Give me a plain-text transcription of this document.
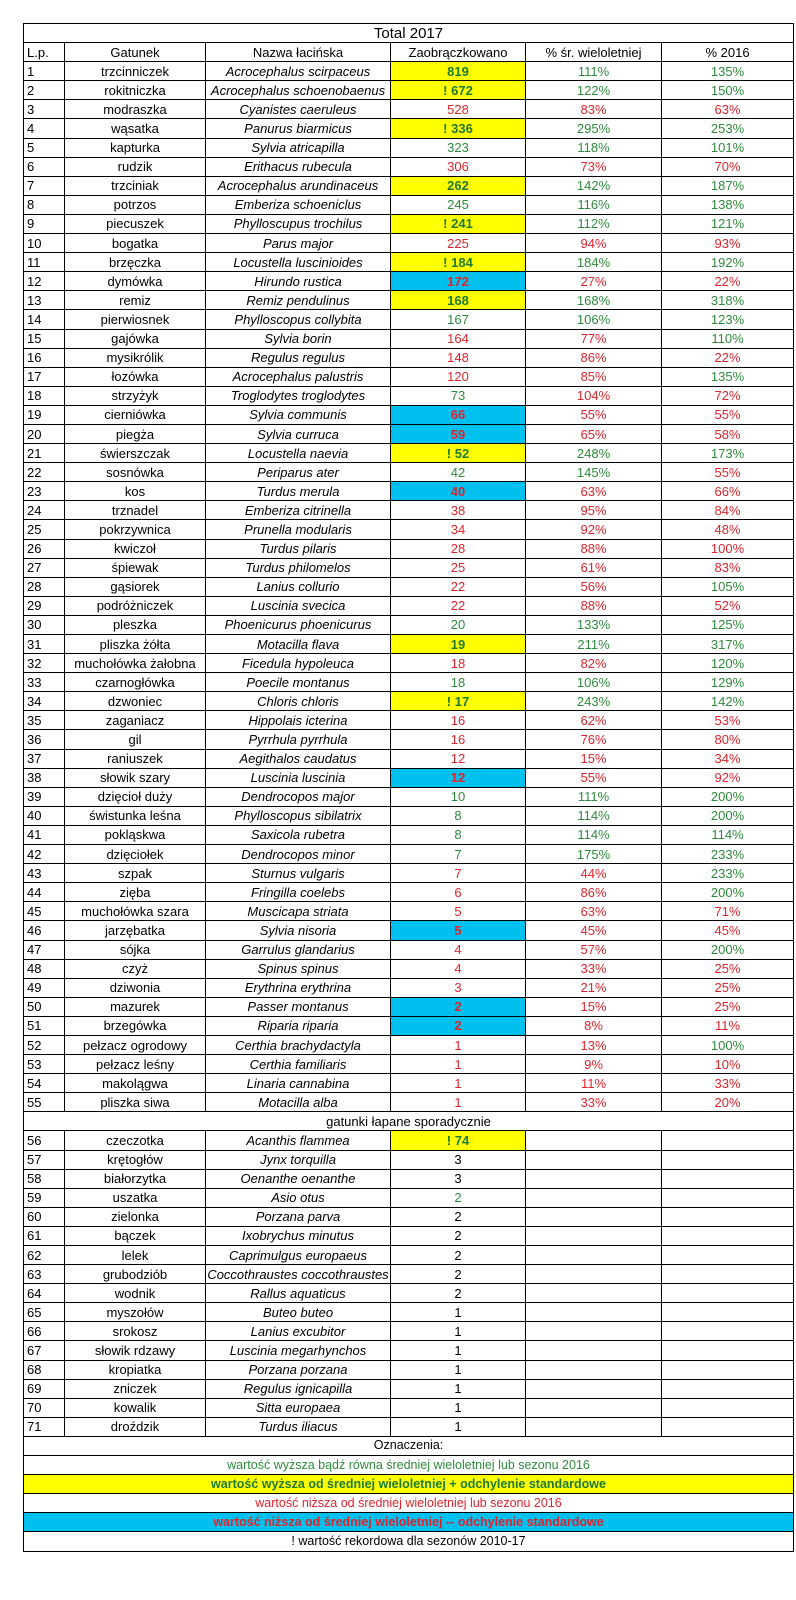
Total 2017					
L.p.	Gatunek	Nazwa łacińska	Zaobrączkowano	% śr. wieloletniej	% 2016
1	trzcinniczek	Acrocephalus scirpaceus	819	111%	135%
2	rokitniczka	Acrocephalus schoenobaenus	! 672	122%	150%
3	modraszka	Cyanistes caeruleus	528	83%	63%
4	wąsatka	Panurus biarmicus	! 336	295%	253%
5	kapturka	Sylvia atricapilla	323	118%	101%
6	rudzik	Erithacus rubecula	306	73%	70%
7	trzciniak	Acrocephalus arundinaceus	262	142%	187%
8	potrzos	Emberiza schoeniclus	245	116%	138%
9	piecuszek	Phylloscupus trochilus	! 241	112%	121%
10	bogatka	Parus major	225	94%	93%
11	brzęczka	Locustella luscinioides	! 184	184%	192%
12	dymówka	Hirundo rustica	172	27%	22%
13	remiz	Remiz pendulinus	168	168%	318%
14	pierwiosnek	Phylloscopus collybita	167	106%	123%
15	gajówka	Sylvia borin	164	77%	110%
16	mysikrólik	Regulus regulus	148	86%	22%
17	łozówka	Acrocephalus palustris	120	85%	135%
18	strzyżyk	Troglodytes troglodytes	73	104%	72%
19	cierniówka	Sylvia communis	66	55%	55%
20	piegża	Sylvia curruca	59	65%	58%
21	świerszczak	Locustella naevia	! 52	248%	173%
22	sosnówka	Periparus ater	42	145%	55%
23	kos	Turdus merula	40	63%	66%
24	trznadel	Emberiza citrinella	38	95%	84%
25	pokrzywnica	Prunella modularis	34	92%	48%
26	kwiczoł	Turdus pilaris	28	88%	100%
27	śpiewak	Turdus philomelos	25	61%	83%
28	gąsiorek	Lanius collurio	22	56%	105%
29	podróżniczek	Luscinia svecica	22	88%	52%
30	pleszka	Phoenicurus phoenicurus	20	133%	125%
31	pliszka żółta	Motacilla flava	19	211%	317%
32	muchołówka żałobna	Ficedula hypoleuca	18	82%	120%
33	czarnogłówka	Poecile montanus	18	106%	129%
34	dzwoniec	Chloris chloris	! 17	243%	142%
35	zaganiacz	Hippolais icterina	16	62%	53%
36	gil	Pyrrhula pyrrhula	16	76%	80%
37	raniuszek	Aegithalos caudatus	12	15%	34%
38	słowik szary	Luscinia luscinia	12	55%	92%
39	dzięcioł duży	Dendrocopos major	10	111%	200%
40	świstunka leśna	Phylloscopus sibilatrix	8	114%	200%
41	pokląskwa	Saxicola rubetra	8	114%	114%
42	dzięciołek	Dendrocopos minor	7	175%	233%
43	szpak	Sturnus vulgaris	7	44%	233%
44	zięba	Fringilla coelebs	6	86%	200%
45	muchołówka szara	Muscicapa striata	5	63%	71%
46	jarzębatka	Sylvia nisoria	5	45%	45%
47	sójka	Garrulus glandarius	4	57%	200%
48	czyż	Spinus spinus	4	33%	25%
49	dziwonia	Erythrina erythrina	3	21%	25%
50	mazurek	Passer montanus	2	15%	25%
51	brzegówka	Riparia riparia	2	8%	11%
52	pełzacz ogrodowy	Certhia brachydactyla	1	13%	100%
53	pełzacz leśny	Certhia familiaris	1	9%	10%
54	makolągwa	Linaria cannabina	1	11%	33%
55	pliszka siwa	Motacilla alba	1	33%	20%
gatunki łapane sporadycznie					
56	czeczotka	Acanthis flammea	! 74		
57	krętogłów	Jynx torquilla	3		
58	białorzytka	Oenanthe oenanthe	3		
59	uszatka	Asio otus	2		
60	zielonka	Porzana parva	2		
61	bączek	Ixobrychus minutus	2		
62	lelek	Caprimulgus europaeus	2		
63	grubodziób	Coccothraustes coccothraustes	2		
64	wodnik	Rallus aquaticus	2		
65	myszołów	Buteo buteo	1		
66	srokosz	Lanius excubitor	1		
67	słowik rdzawy	Luscinia megarhynchos	1		
68	kropiatka	Porzana porzana	1		
69	zniczek	Regulus ignicapilla	1		
70	kowalik	Sitta europaea	1		
71	droździk	Turdus iliacus	1		
Oznaczenia:					
wartość wyższa bądź równa średniej wieloletniej lub sezonu 2016					
wartość wyższa od średniej wieloletniej + odchylenie standardowe					
wartość niższa od średniej wieloletniej lub sezonu 2016					
wartość niższa od średniej wieloletniej -- odchylenie standardowe					
! wartość rekordowa dla sezonów 2010-17					
